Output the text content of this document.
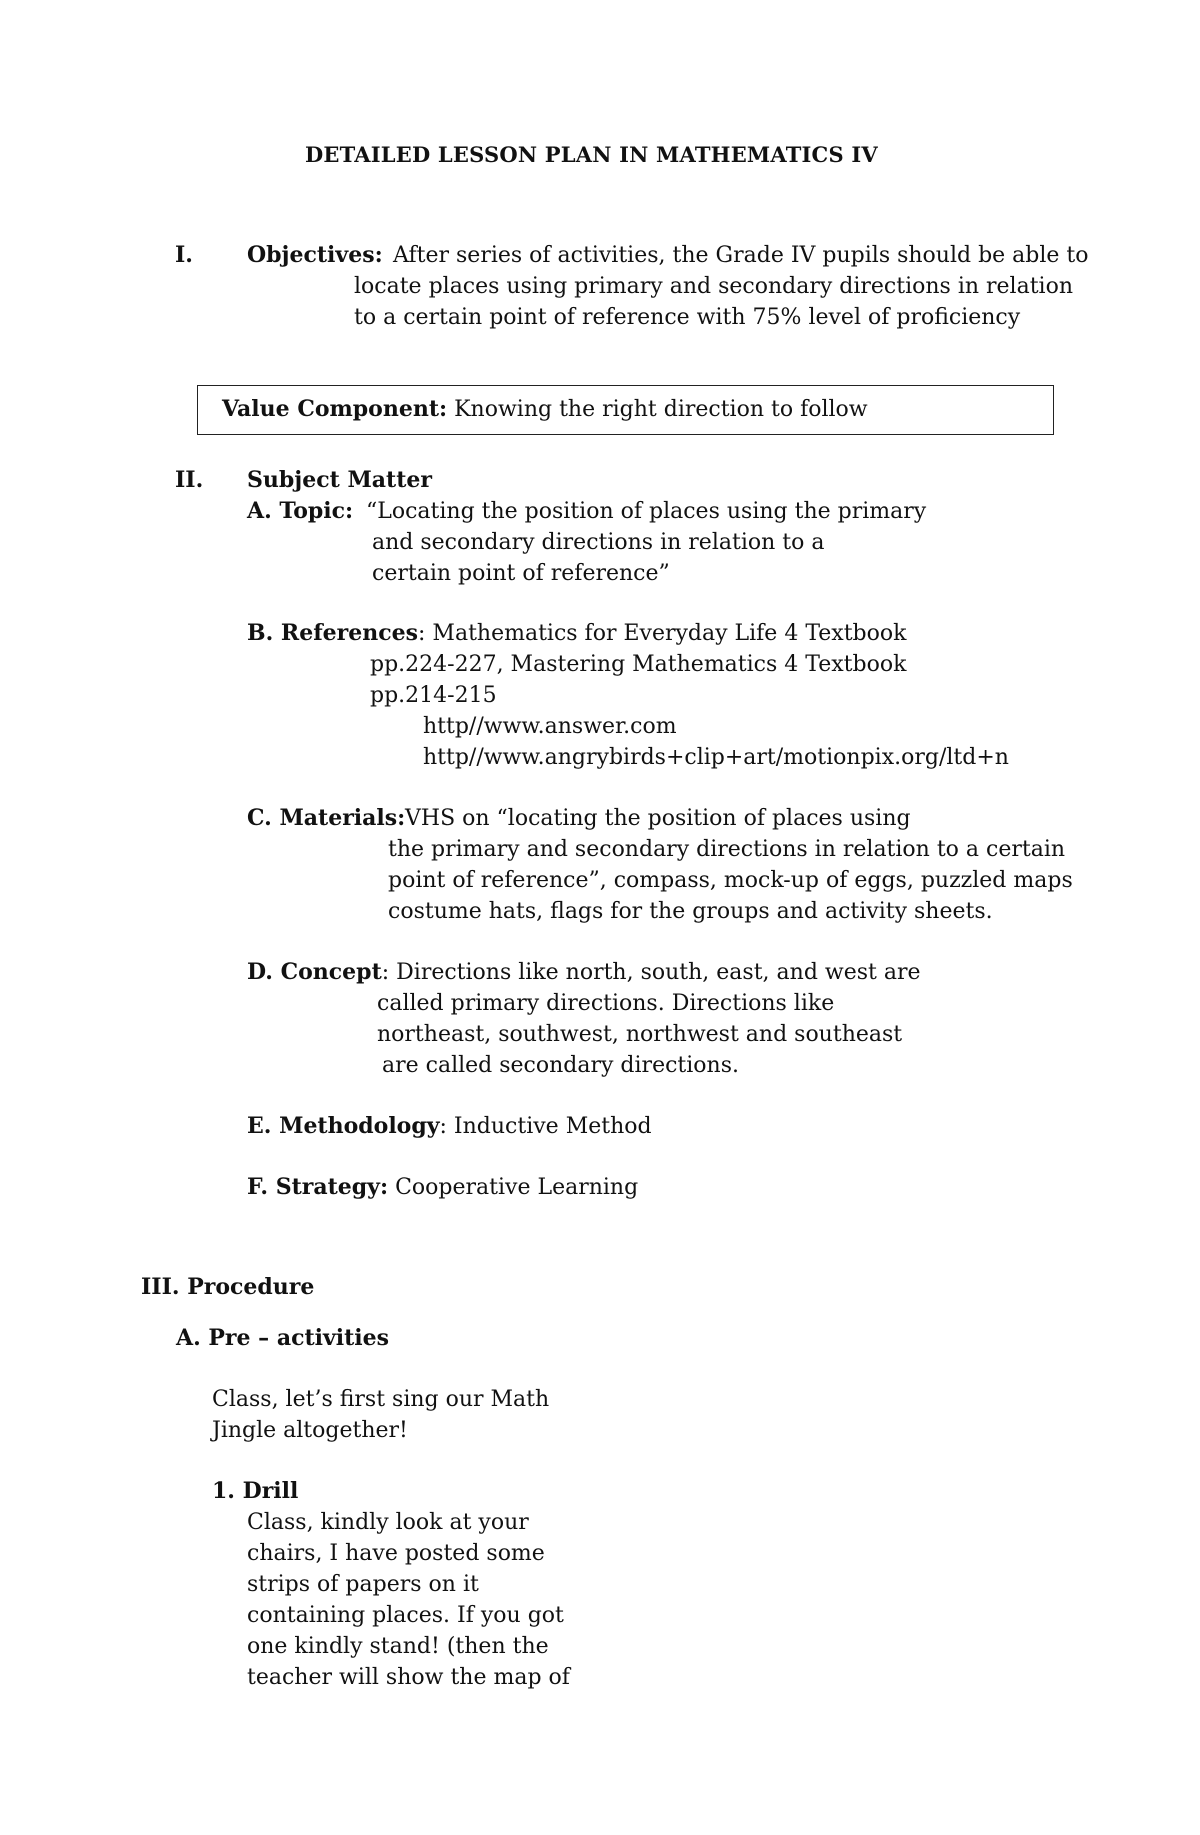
DETAILED LESSON PLAN IN MATHEMATICS IV
I. Objectives: After series of activities, the Grade IV pupils should be able to
locate places using primary and secondary directions in relation
to a certain point of reference with 75% level of proficiency
Value Component: Knowing the right direction to follow
II. Subject Matter
A. Topic: “Locating the position of places using the primary
and secondary directions in relation to a
certain point of reference”
B. References: Mathematics for Everyday Life 4 Textbook
pp.224-227, Mastering Mathematics 4 Textbook
pp.214-215
http//www.answer.com
http//www.angrybirds+clip+art/motionpix.org/ltd+n
C. Materials: VHS on “locating the position of places using
the primary and secondary directions in relation to a certain
point of reference”, compass, mock-up of eggs, puzzled maps
costume hats, flags for the groups and activity sheets.
D. Concept: Directions like north, south, east, and west are
called primary directions. Directions like
northeast, southwest, northwest and southeast
are called secondary directions.
E. Methodology: Inductive Method
F. Strategy: Cooperative Learning
III. Procedure
A. Pre – activities
Class, let’s first sing our Math
Jingle altogether!
1. Drill
Class, kindly look at your
chairs, I have posted some
strips of papers on it
containing places. If you got
one kindly stand! (then the
teacher will show the map of
